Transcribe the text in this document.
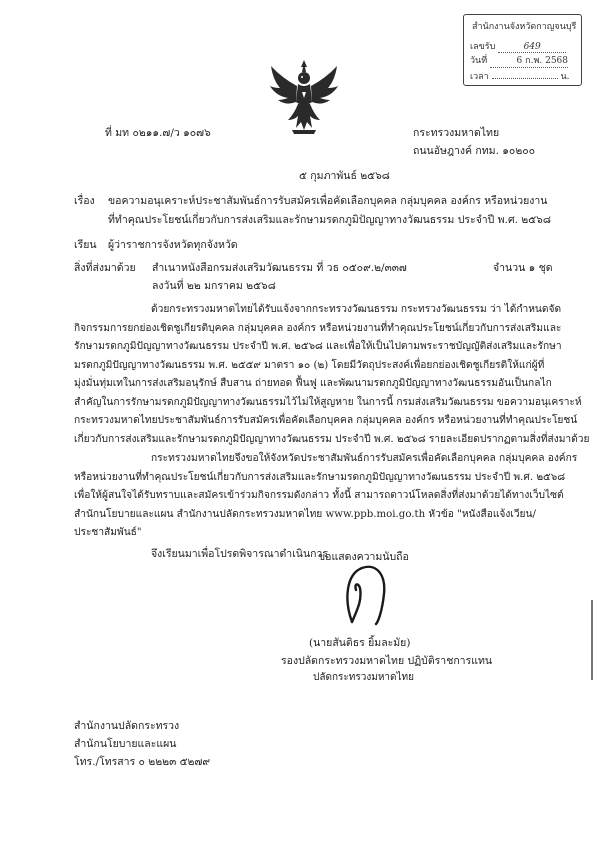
สำนักงานจังหวัดกาญจนบุรี
เลขรับ	649
วันที่	6 ก.พ. 2568
เวลา	น.
ที่ มท ๐๒๑๑.๗/ว ๑๐๗๖	กระทรวงมหาดไทย
ถนนอัษฎางค์ กทม. ๑๐๒๐๐
๕ กุมภาพันธ์ ๒๕๖๘
เรื่อง ขอความอนุเคราะห์ประชาสัมพันธ์การรับสมัครเพื่อคัดเลือกบุคคล กลุ่มบุคคล องค์กร หรือหน่วยงาน
ที่ทำคุณประโยชน์เกี่ยวกับการส่งเสริมและรักษามรดกภูมิปัญญาทางวัฒนธรรม ประจำปี พ.ศ. ๒๕๖๘
เรียน ผู้ว่าราชการจังหวัดทุกจังหวัด
สิ่งที่ส่งมาด้วย สำเนาหนังสือกรมส่งเสริมวัฒนธรรม ที่ วธ ๐๕๐๙.๒/๓๓๗	จำนวน ๑ ชุด
ลงวันที่ ๒๒ มกราคม ๒๕๖๘
ด้วยกระทรวงมหาดไทยได้รับแจ้งจากกระทรวงวัฒนธรรม กระทรวงวัฒนธรรม ว่า ได้กำหนดจัด
กิจกรรมการยกย่องเชิดชูเกียรติบุคคล กลุ่มบุคคล องค์กร หรือหน่วยงานที่ทำคุณประโยชน์เกี่ยวกับการส่งเสริมและ
รักษามรดกภูมิปัญญาทางวัฒนธรรม ประจำปี พ.ศ. ๒๕๖๘ และเพื่อให้เป็นไปตามพระราชบัญญัติส่งเสริมและรักษา
มรดกภูมิปัญญาทางวัฒนธรรม พ.ศ. ๒๕๕๙ มาตรา ๑๐ (๒) โดยมีวัตถุประสงค์เพื่อยกย่องเชิดชูเกียรติให้แก่ผู้ที่
มุ่งมั่นทุ่มเทในการส่งเสริมอนุรักษ์ สืบสาน ถ่ายทอด ฟื้นฟู และพัฒนามรดกภูมิปัญญาทางวัฒนธรรมอันเป็นกลไก
สำคัญในการรักษามรดกภูมิปัญญาทางวัฒนธรรมไว้ไม่ให้สูญหาย ในการนี้ กรมส่งเสริมวัฒนธรรม ขอความอนุเคราะห์
กระทรวงมหาดไทยประชาสัมพันธ์การรับสมัครเพื่อคัดเลือกบุคคล กลุ่มบุคคล องค์กร หรือหน่วยงานที่ทำคุณประโยชน์
เกี่ยวกับการส่งเสริมและรักษามรดกภูมิปัญญาทางวัฒนธรรม ประจำปี พ.ศ. ๒๕๖๘ รายละเอียดปรากฏตามสิ่งที่ส่งมาด้วย
กระทรวงมหาดไทยจึงขอให้จังหวัดประชาสัมพันธ์การรับสมัครเพื่อคัดเลือกบุคคล กลุ่มบุคคล องค์กร
หรือหน่วยงานที่ทำคุณประโยชน์เกี่ยวกับการส่งเสริมและรักษามรดกภูมิปัญญาทางวัฒนธรรม ประจำปี พ.ศ. ๒๕๖๘
เพื่อให้ผู้สนใจได้รับทราบและสมัครเข้าร่วมกิจกรรมดังกล่าว ทั้งนี้ สามารถดาวน์โหลดสิ่งที่ส่งมาด้วยได้ทางเว็บไซต์
สำนักนโยบายและแผน สำนักงานปลัดกระทรวงมหาดไทย www.ppb.moi.go.th หัวข้อ "หนังสือแจ้งเวียน/
ประชาสัมพันธ์"
จึงเรียนมาเพื่อโปรดพิจารณาดำเนินการ
ขอแสดงความนับถือ
(นายสันติธร ยิ้มละมัย)
รองปลัดกระทรวงมหาดไทย ปฏิบัติราชการแทน
ปลัดกระทรวงมหาดไทย
สำนักงานปลัดกระทรวง
สำนักนโยบายและแผน
โทร./โทรสาร ๐ ๒๒๒๓ ๕๒๗๙
